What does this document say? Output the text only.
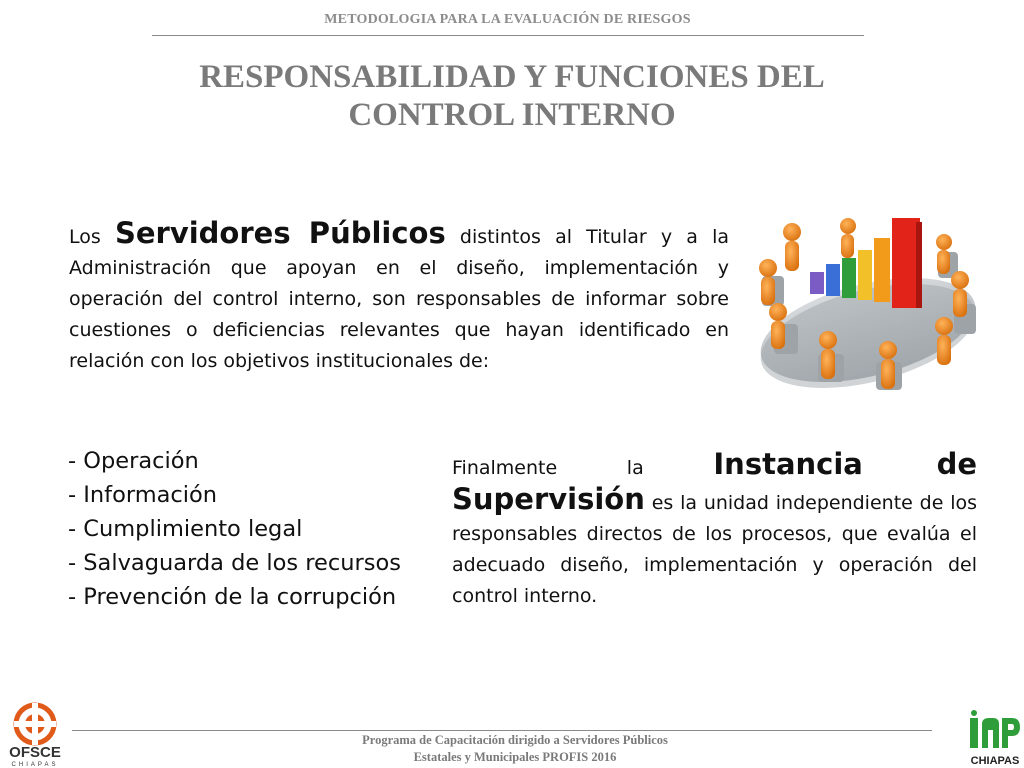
METODOLOGIA PARA LA EVALUACIÓN DE RIESGOS
RESPONSABILIDAD Y FUNCIONES DEL
CONTROL INTERNO
Los Servidores Públicos distintos al Titular y a la Administración que apoyan en el diseño, implementación y operación del control interno, son responsables de informar sobre cuestiones o deficiencias relevantes que hayan identificado en relación con los objetivos institucionales de:
- Operación
- Información
- Cumplimiento legal
- Salvaguarda de los recursos
- Prevención de la corrupción
Finalmente la Instancia de Supervisión es la unidad independiente de los responsables directos de los procesos, que evalúa el adecuado diseño, implementación y operación del control interno.
Programa de Capacitación dirigido a Servidores Públicos
Estatales y Municipales PROFIS 2016
OFSCE
CHIAPAS	CHIAPAS
